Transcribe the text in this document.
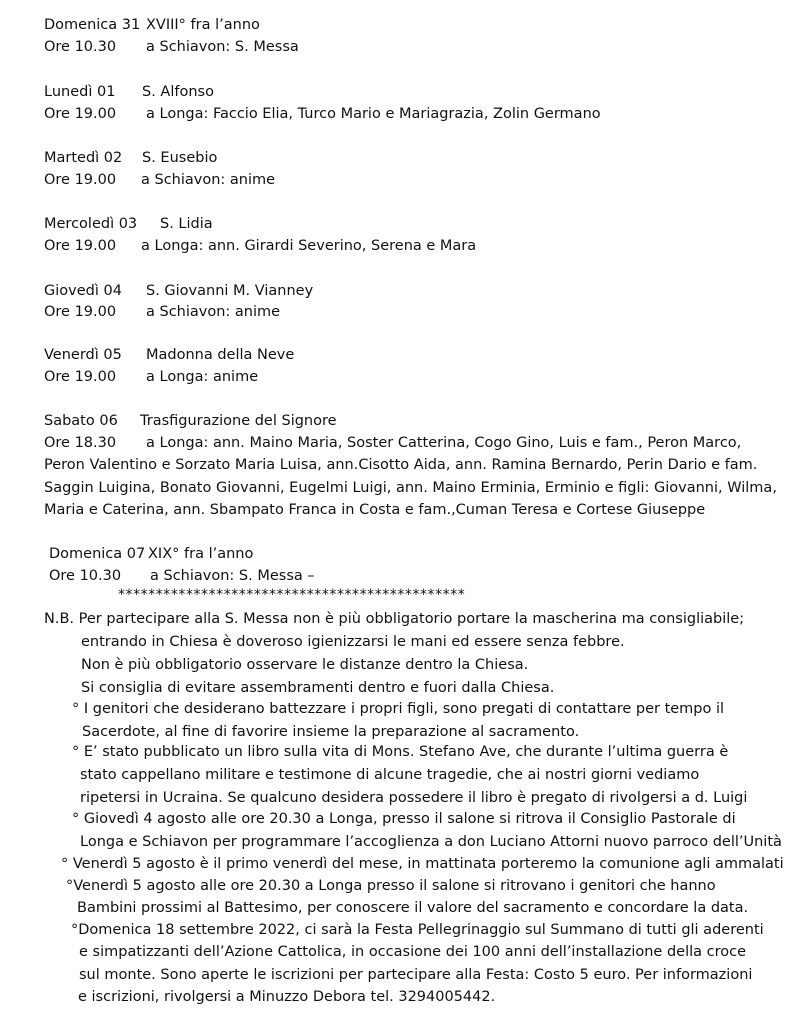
Domenica 31 XVIII° fra l’anno
Ore 10.30 a Schiavon: S. Messa
Lunedì 01 S. Alfonso
Ore 19.00 a Longa: Faccio Elia, Turco Mario e Mariagrazia, Zolin Germano
Martedì 02 S. Eusebio
Ore 19.00 a Schiavon: anime
Mercoledì 03 S. Lidia
Ore 19.00 a Longa: ann. Girardi Severino, Serena e Mara
Giovedì 04 S. Giovanni M. Vianney
Ore 19.00 a Schiavon: anime
Venerdì 05 Madonna della Neve
Ore 19.00 a Longa: anime
Sabato 06 Trasfigurazione del Signore
Ore 18.30 a Longa: ann. Maino Maria, Soster Catterina, Cogo Gino, Luis e fam., Peron Marco,
Peron Valentino e Sorzato Maria Luisa, ann.Cisotto Aida, ann. Ramina Bernardo, Perin Dario e fam.
Saggin Luigina, Bonato Giovanni, Eugelmi Luigi, ann. Maino Erminia, Erminio e figli: Giovanni, Wilma,
Maria e Caterina, ann. Sbampato Franca in Costa e fam.,Cuman Teresa e Cortese Giuseppe
Domenica 07 XIX° fra l’anno
Ore 10.30 a Schiavon: S. Messa –
**********************************************
N.B. Per partecipare alla S. Messa non è più obbligatorio portare la mascherina ma consigliabile;
entrando in Chiesa è doveroso igienizzarsi le mani ed essere senza febbre.
Non è più obbligatorio osservare le distanze dentro la Chiesa.
Si consiglia di evitare assembramenti dentro e fuori dalla Chiesa.
° I genitori che desiderano battezzare i propri figli, sono pregati di contattare per tempo il
Sacerdote, al fine di favorire insieme la preparazione al sacramento.
° E’ stato pubblicato un libro sulla vita di Mons. Stefano Ave, che durante l’ultima guerra è
stato cappellano militare e testimone di alcune tragedie, che ai nostri giorni vediamo
ripetersi in Ucraina. Se qualcuno desidera possedere il libro è pregato di rivolgersi a d. Luigi
° Giovedì 4 agosto alle ore 20.30 a Longa, presso il salone si ritrova il Consiglio Pastorale di
Longa e Schiavon per programmare l’accoglienza a don Luciano Attorni nuovo parroco dell’Unità
° Venerdì 5 agosto è il primo venerdì del mese, in mattinata porteremo la comunione agli ammalati
°Venerdì 5 agosto alle ore 20.30 a Longa presso il salone si ritrovano i genitori che hanno
Bambini prossimi al Battesimo, per conoscere il valore del sacramento e concordare la data.
°Domenica 18 settembre 2022, ci sarà la Festa Pellegrinaggio sul Summano di tutti gli aderenti
e simpatizzanti dell’Azione Cattolica, in occasione dei 100 anni dell’installazione della croce
sul monte. Sono aperte le iscrizioni per partecipare alla Festa: Costo 5 euro. Per informazioni
e iscrizioni, rivolgersi a Minuzzo Debora tel. 3294005442.
